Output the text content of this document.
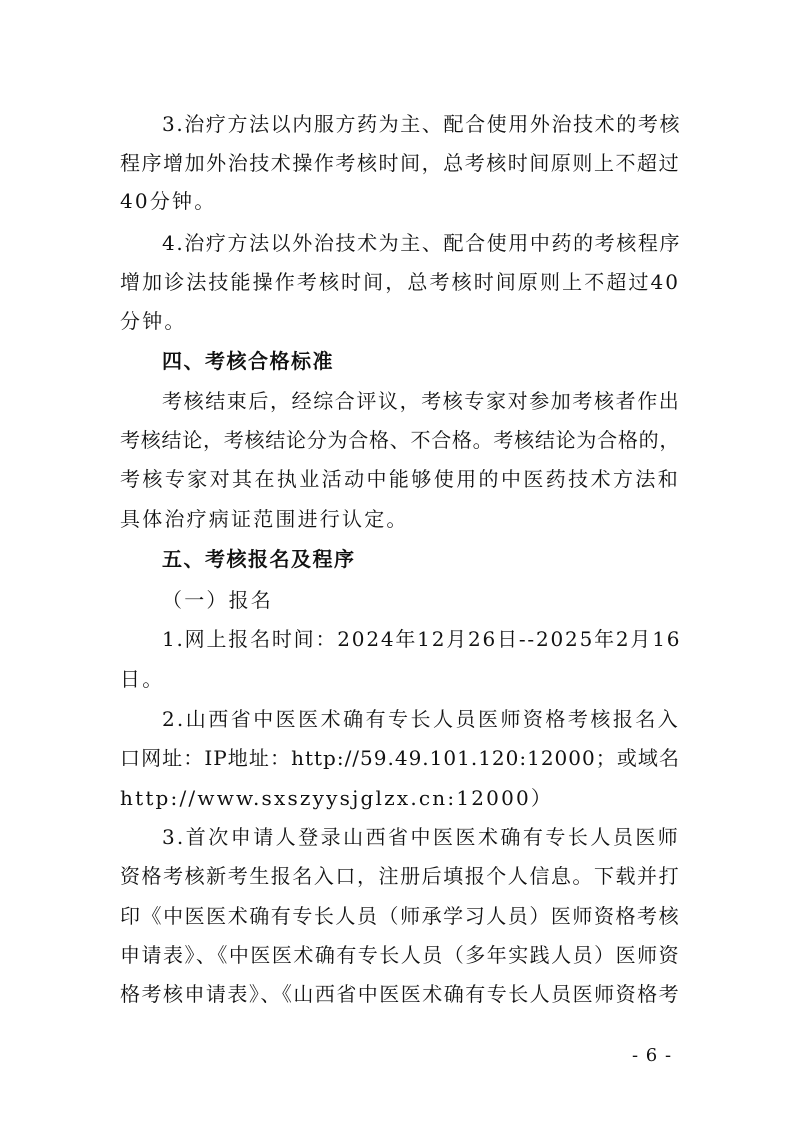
3.治疗方法以内服方药为主、配合使用外治技术的考核
程序增加外治技术操作考核时间，总考核时间原则上不超过
40分钟。
4.治疗方法以外治技术为主、配合使用中药的考核程序
增加诊法技能操作考核时间，总考核时间原则上不超过40
分钟。
四、考核合格标准
考核结束后，经综合评议，考核专家对参加考核者作出
考核结论，考核结论分为合格、不合格。考核结论为合格的，
考核专家对其在执业活动中能够使用的中医药技术方法和
具体治疗病证范围进行认定。
五、考核报名及程序
（一）报名
1.网上报名时间：2024年12月26日--2025年2月16
日。
2.山西省中医医术确有专长人员医师资格考核报名入
口网址：IP地址：http://59.49.101.120:12000；或域名
http://www.sxszyysjglzx.cn:12000）
3.首次申请人登录山西省中医医术确有专长人员医师
资格考核新考生报名入口，注册后填报个人信息。下载并打
印《中医医术确有专长人员（师承学习人员）医师资格考核
申请表》、《中医医术确有专长人员（多年实践人员）医师资
格考核申请表》、《山西省中医医术确有专长人员医师资格考
- 6 -
